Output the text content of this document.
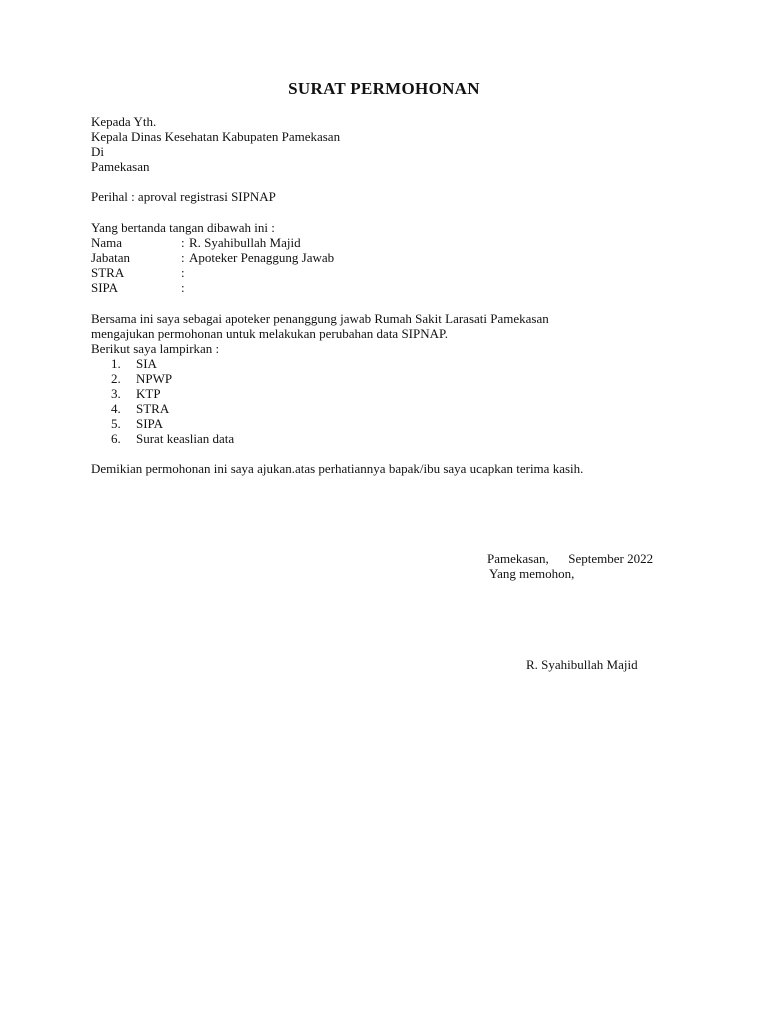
SURAT PERMOHONAN
Kepada Yth.
Kepala Dinas Kesehatan Kabupaten Pamekasan
Di
Pamekasan
Perihal : aproval registrasi SIPNAP
Yang bertanda tangan dibawah ini :
Nama	: R. Syahibullah Majid
Jabatan	: Apoteker Penaggung Jawab
STRA	:
SIPA	:
Bersama ini saya sebagai apoteker penanggung jawab Rumah Sakit Larasati Pamekasan
mengajukan permohonan untuk melakukan perubahan data SIPNAP.
Berikut saya lampirkan :
1.	SIA
2.	NPWP
3.	KTP
4.	STRA
5.	SIPA
6.	Surat keaslian data
Demikian permohonan ini saya ajukan.atas perhatiannya bapak/ibu saya ucapkan terima kasih.
Pamekasan,      September 2022
Yang memohon,
R. Syahibullah Majid
